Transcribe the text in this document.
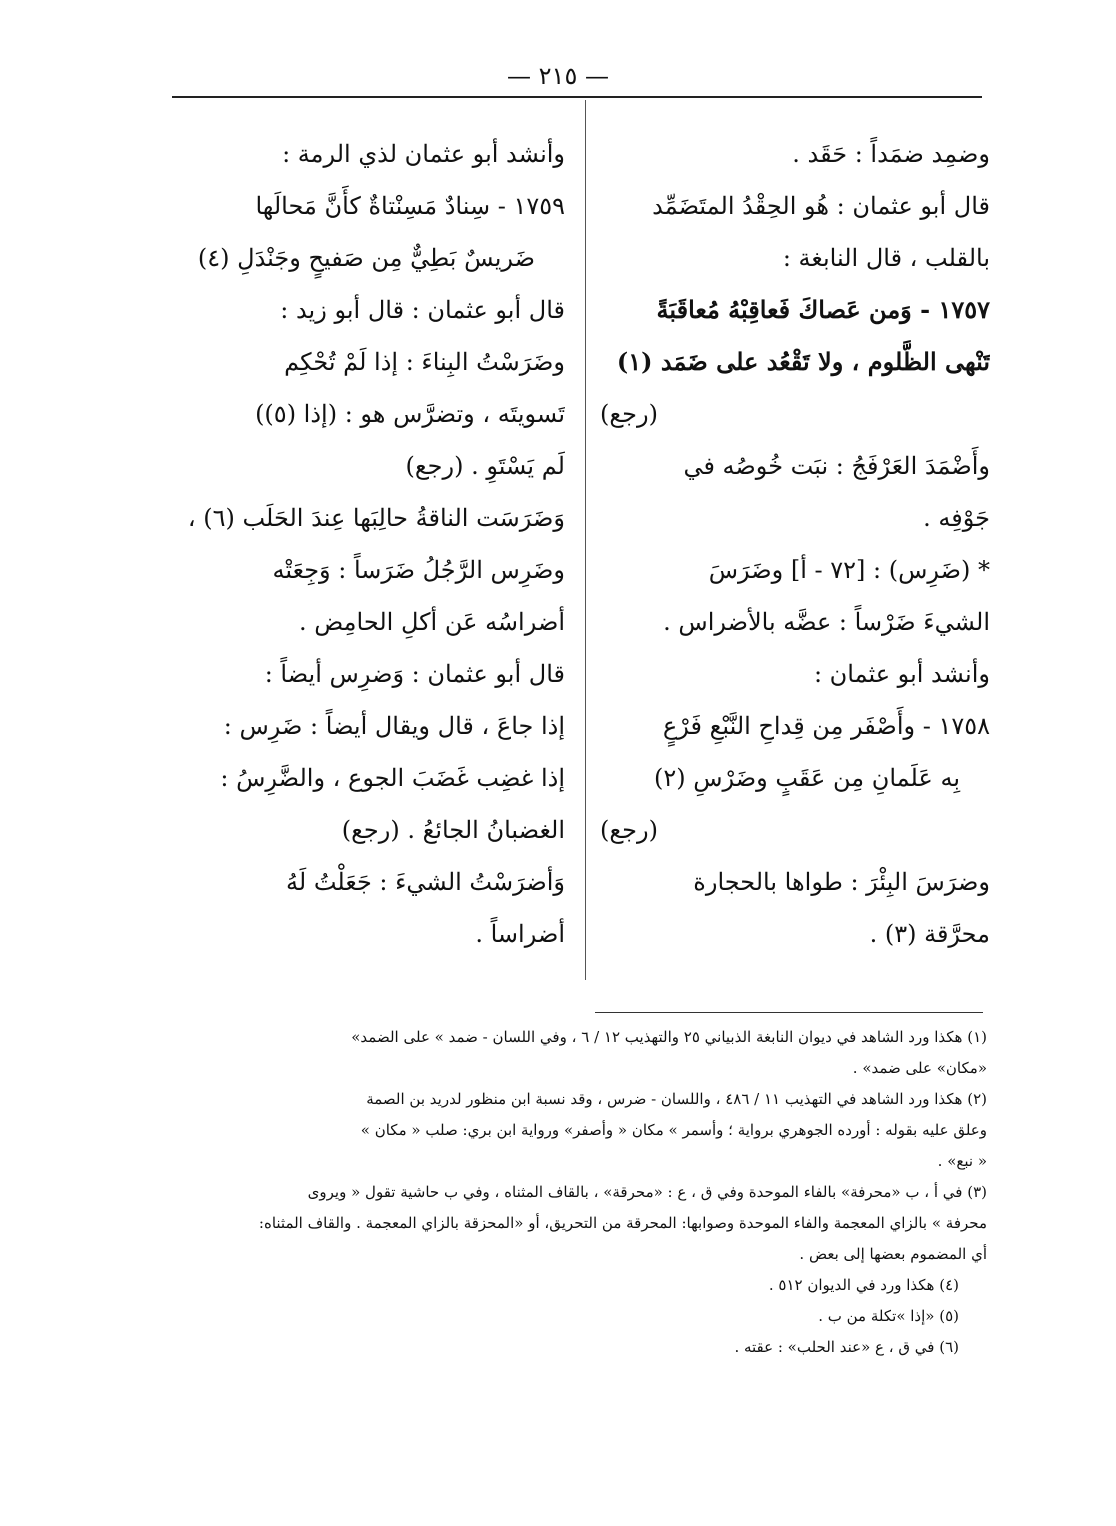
— ٢١٥ —
وضمِد ضمَداً : حَقَد .
قال أبو عثمان : هُو الحِقْدُ المتَضَمِّد
بالقلب ، قال النابغة :
١٧٥٧ - وَمن عَصاكَ فَعاقِبْهُ مُعاقَبَةً
تَنْهى الظَّلوم ، ولا تَقْعُد على ضَمَد (١)
(رجع)
وأَضْمَدَ العَرْفَجُ : نبَت خُوصُه في
جَوْفِه .
* (ضَرِس) : [٧٢ - أ] وضَرَسَ
الشيءَ ضَرْساً : عضَّه بالأضراس .
وأنشد أبو عثمان :
١٧٥٨ - وأَصْفَر مِن قِداحِ النَّبْعِ فَرْعٍ
بِه عَلَمانِ مِن عَقَبٍ وضَرْسِ (٢)
(رجع)
وضرَسَ البِئْرَ : طواها بالحجارة
محرَّقة (٣) .
وأنشد أبو عثمان لذي الرمة :
١٧٥٩ - سِنادٌ مَسِنْتاةٌ كأَنَّ مَحالَها
ضَريسٌ بَطِيٌّ مِن صَفيحٍ وجَنْدَلِ (٤)
قال أبو عثمان : قال أبو زيد :
وضَرَسْتُ البِناءَ : إذا لَمْ تُحْكِم
تَسويتَه ، وتضرَّس هو : (إذا (٥))
لَم يَسْتَوِ . (رجع)
وَضَرَسَت الناقةُ حالِبَها عِندَ الحَلَب (٦) ،
وضَرِس الرَّجُلُ ضَرَساً : وَجِعَتْه
أضراسُه عَن أكلِ الحامِض .
قال أبو عثمان : وَضرِس أيضاً :
إذا جاعَ ، قال ويقال أيضاً : ضَرِس :
إذا غضِب غَضَبَ الجوع ، والضَّرِسُ :
الغضبانُ الجائعُ . (رجع)
وَأضرَسْتُ الشيءَ : جَعَلْتُ لَهُ
أضراساً .
(١) هكذا ورد الشاهد في ديوان النابغة الذبياني ٢٥ والتهذيب ١٢ / ٦ ، وفي اللسان - ضمد » على الضمد»
«مكان» على ضمد» .
(٢) هكذا ورد الشاهد في التهذيب ١١ / ٤٨٦ ، واللسان - ضرس ، وقد نسبة ابن منظور لدريد بن الصمة
وعلق عليه بقوله : أورده الجوهري برواية ؛ وأسمر » مكان « وأصفر» ورواية ابن بري: صلب « مكان »
« نبع» .
(٣) في أ ، ب «محرفة» بالفاء الموحدة وفي ق ، ع : «محرقة» ، بالقاف المثناه ، وفي ب حاشية تقول « ويروى
محرفة » بالزاي المعجمة والفاء الموحدة وصوابها: المحرقة من التحريق، أو «المحزقة بالزاي المعجمة . والقاف المثناه:
أي المضموم بعضها إلى بعض .
(٤) هكذا ورد في الديوان ٥١٢ .
(٥) «إذا »تكلة من ب .
(٦) في ق ، ع «عند الحلب» : عقته .
